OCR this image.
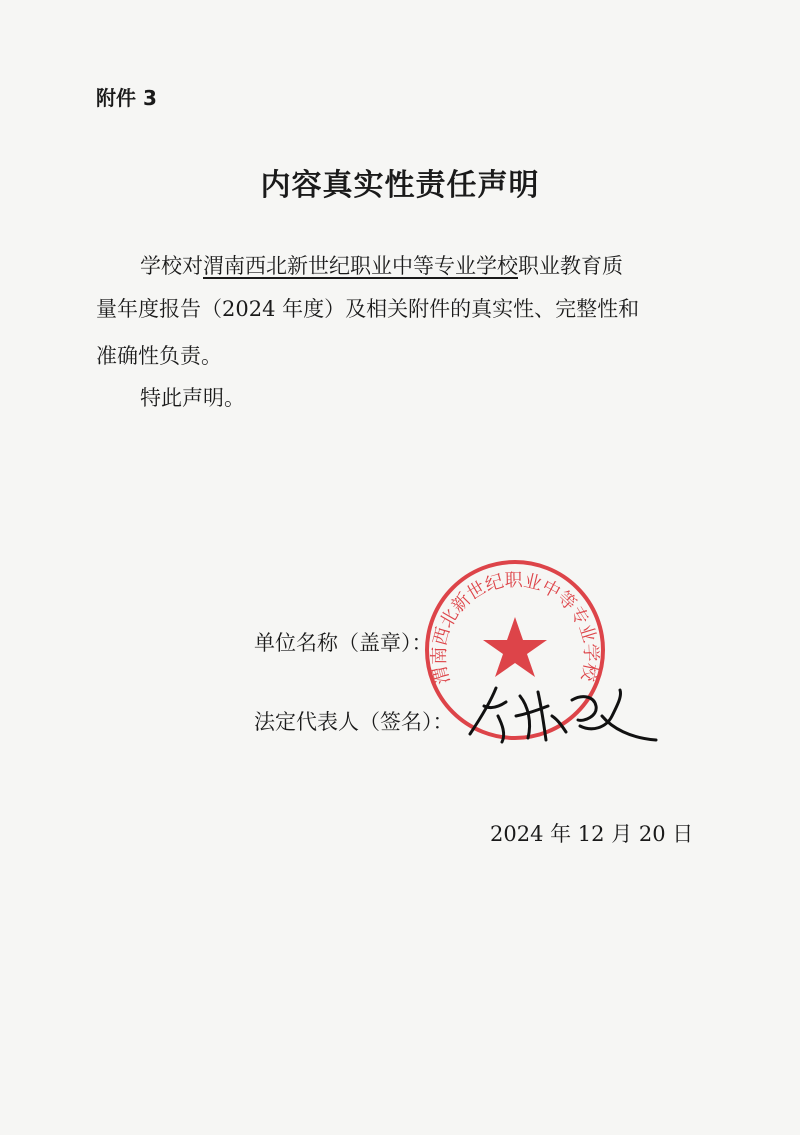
附件 3
内容真实性责任声明
学校对渭南西北新世纪职业中等专业学校职业教育质
量年度报告（2024 年度）及相关附件的真实性、完整性和
准确性负责。
特此声明。
单位名称（盖章）：
法定代表人（签名）：
渭南西北新世纪职业中等专业学校
2024 年 12 月 20 日
